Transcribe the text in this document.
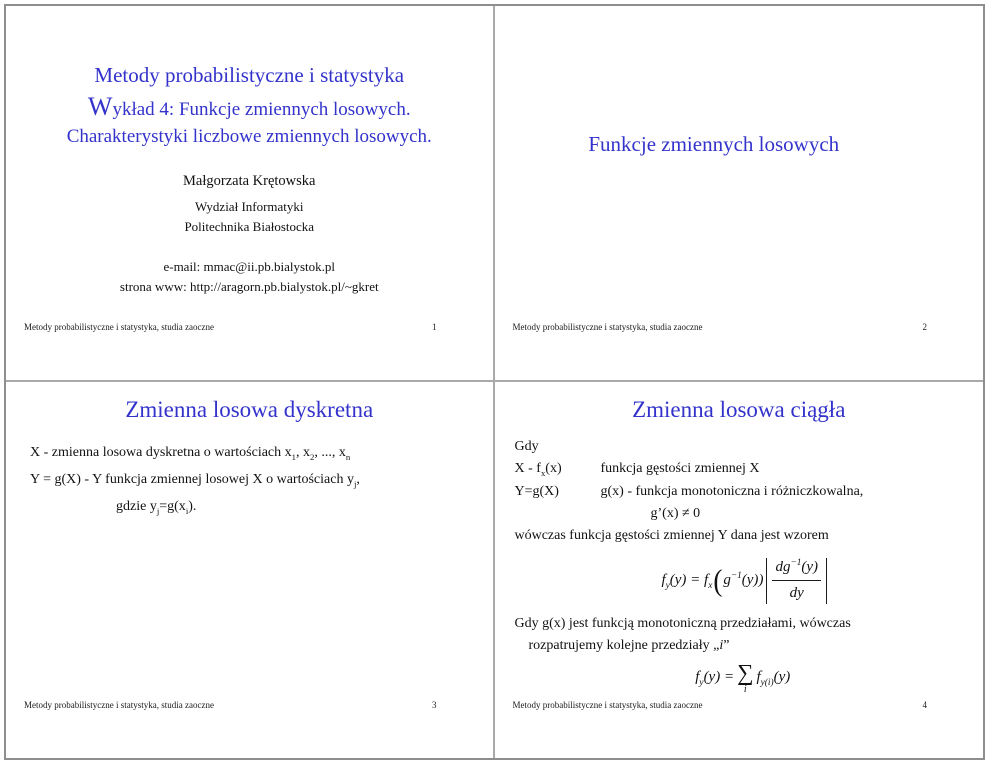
Metody probabilistyczne i statystyka
Wykład 4: Funkcje zmiennych losowych.
Charakterystyki liczbowe zmiennych losowych.
Małgorzata Krętowska
Wydział Informatyki
Politechnika Białostocka
e-mail: mmac@ii.pb.bialystok.pl
strona www: http://aragorn.pb.bialystok.pl/~gkret
Metody probabilistyczne i statystyka, studia zaoczne	1
Funkcje zmiennych losowych
Metody probabilistyczne i statystyka, studia zaoczne	2
Zmienna losowa dyskretna
X - zmienna losowa dyskretna o wartościach $x_1$, $x_2$, ..., $x_n$
Y = g(X) - Y funkcja zmiennej losowej X o wartościach $y_j$,
gdzie $y_j=g(x_i)$.
Metody probabilistyczne i statystyka, studia zaoczne	3
Zmienna losowa ciągła
Gdy
X - $f_x(x)$	funkcja gęstości zmiennej X
Y=g(X)	g(x) - funkcja monotoniczna i różniczkowalna,
g’(x) ≠ 0
wówczas funkcja gęstości zmiennej Y dana jest wzorem
$f_y(y) = f_x$ ( $g^{-1}(y)) \frac{dg^{-1}(y)}{dy}$
Gdy g(x) jest funkcją monotoniczną przedziałami, wówczas
rozpatrujemy kolejne przedziały „i”
$f_y(y)$ = ∑
i
$f_{y(i)}(y)$
Metody probabilistyczne i statystyka, studia zaoczne	4
